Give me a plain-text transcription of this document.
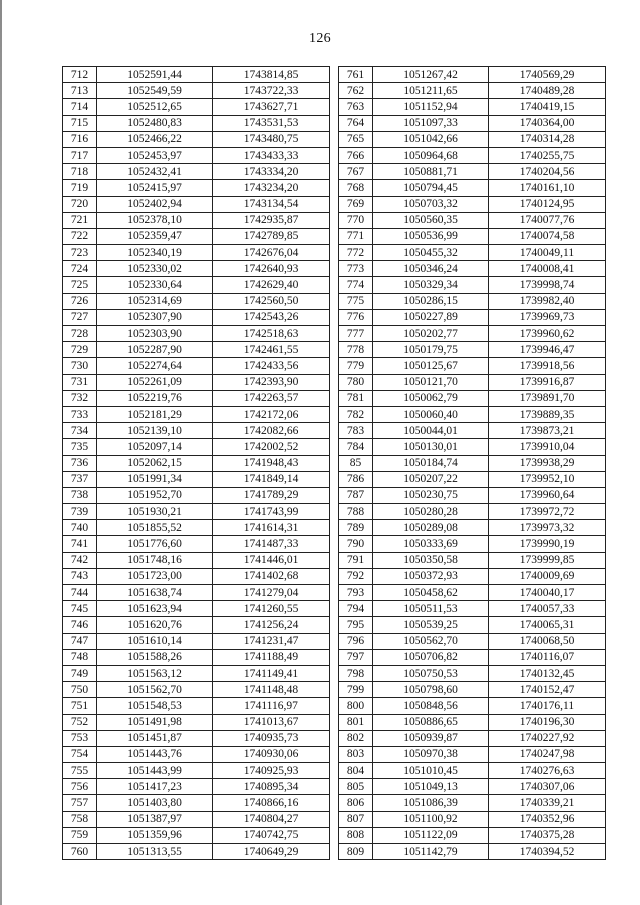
126
712	1052591,44	1743814,85
713	1052549,59	1743722,33
714	1052512,65	1743627,71
715	1052480,83	1743531,53
716	1052466,22	1743480,75
717	1052453,97	1743433,33
718	1052432,41	1743334,20
719	1052415,97	1743234,20
720	1052402,94	1743134,54
721	1052378,10	1742935,87
722	1052359,47	1742789,85
723	1052340,19	1742676,04
724	1052330,02	1742640,93
725	1052330,64	1742629,40
726	1052314,69	1742560,50
727	1052307,90	1742543,26
728	1052303,90	1742518,63
729	1052287,90	1742461,55
730	1052274,64	1742433,56
731	1052261,09	1742393,90
732	1052219,76	1742263,57
733	1052181,29	1742172,06
734	1052139,10	1742082,66
735	1052097,14	1742002,52
736	1052062,15	1741948,43
737	1051991,34	1741849,14
738	1051952,70	1741789,29
739	1051930,21	1741743,99
740	1051855,52	1741614,31
741	1051776,60	1741487,33
742	1051748,16	1741446,01
743	1051723,00	1741402,68
744	1051638,74	1741279,04
745	1051623,94	1741260,55
746	1051620,76	1741256,24
747	1051610,14	1741231,47
748	1051588,26	1741188,49
749	1051563,12	1741149,41
750	1051562,70	1741148,48
751	1051548,53	1741116,97
752	1051491,98	1741013,67
753	1051451,87	1740935,73
754	1051443,76	1740930,06
755	1051443,99	1740925,93
756	1051417,23	1740895,34
757	1051403,80	1740866,16
758	1051387,97	1740804,27
759	1051359,96	1740742,75
760	1051313,55	1740649,29
761	1051267,42	1740569,29
762	1051211,65	1740489,28
763	1051152,94	1740419,15
764	1051097,33	1740364,00
765	1051042,66	1740314,28
766	1050964,68	1740255,75
767	1050881,71	1740204,56
768	1050794,45	1740161,10
769	1050703,32	1740124,95
770	1050560,35	1740077,76
771	1050536,99	1740074,58
772	1050455,32	1740049,11
773	1050346,24	1740008,41
774	1050329,34	1739998,74
775	1050286,15	1739982,40
776	1050227,89	1739969,73
777	1050202,77	1739960,62
778	1050179,75	1739946,47
779	1050125,67	1739918,56
780	1050121,70	1739916,87
781	1050062,79	1739891,70
782	1050060,40	1739889,35
783	1050044,01	1739873,21
784	1050130,01	1739910,04
85	1050184,74	1739938,29
786	1050207,22	1739952,10
787	1050230,75	1739960,64
788	1050280,28	1739972,72
789	1050289,08	1739973,32
790	1050333,69	1739990,19
791	1050350,58	1739999,85
792	1050372,93	1740009,69
793	1050458,62	1740040,17
794	1050511,53	1740057,33
795	1050539,25	1740065,31
796	1050562,70	1740068,50
797	1050706,82	1740116,07
798	1050750,53	1740132,45
799	1050798,60	1740152,47
800	1050848,56	1740176,11
801	1050886,65	1740196,30
802	1050939,87	1740227,92
803	1050970,38	1740247,98
804	1051010,45	1740276,63
805	1051049,13	1740307,06
806	1051086,39	1740339,21
807	1051100,92	1740352,96
808	1051122,09	1740375,28
809	1051142,79	1740394,52
